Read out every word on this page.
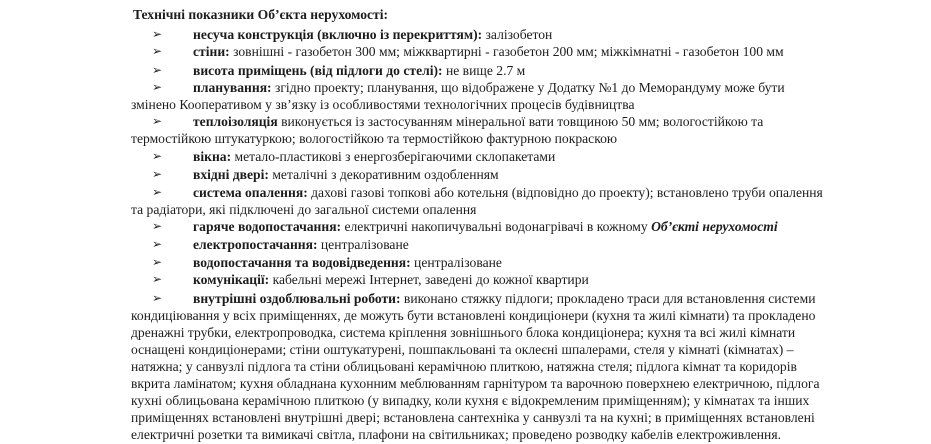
Технічні показники Об’єкта нерухомості:
➢ несуча конструкція (включно із перекриттям): залізобетон
➢ стіни: зовнішні - газобетон 300 мм; міжквартирні - газобетон 200 мм; міжкімнатні - газобетон 100 мм
➢ висота приміщень (від підлоги до стелі): не вище 2.7 м
➢ планування: згідно проекту; планування, що відображене у Додатку №1 до Меморандуму може бути
змінено Кооперативом у зв’язку із особливостями технологічних процесів будівництва
➢ теплоізоляція виконується із застосуванням мінеральної вати товщиною 50 мм; вологостійкою та
термостійкою штукатуркою; вологостійкою та термостійкою фактурною покраскою
➢ вікна: метало-пластикові з енергозберігаючими склопакетами
➢ вхідні двері: металічні з декоративним оздобленням
➢ система опалення: дахові газові топкові або котельня (відповідно до проекту); встановлено труби опалення
та радіатори, які підключені до загальної системи опалення
➢ гаряче водопостачання: електричні накопичувальні водонагрівачі в кожному Об’єкті нерухомості
➢ електропостачання: централізоване
➢ водопостачання та водовідведення: централізоване
➢ комунікації: кабельні мережі Інтернет, заведені до кожної квартири
➢ внутрішні оздоблювальні роботи: виконано стяжку підлоги; прокладено траси для встановлення системи
кондиціювання у всіх приміщеннях, де можуть бути встановлені кондиціонери (кухня та жилі кімнати) та прокладено
дренажні трубки, електропроводка, система кріплення зовнішнього блока кондиціонера; кухня та всі жилі кімнати
оснащені кондиціонерами; стіни оштукатурені, пошпакльовані та оклеєні шпалерами, стеля у кімнаті (кімнатах) –
натяжна; у санвузлі підлога та стіни облицьовані керамічною плиткою, натяжна стеля; підлога кімнат та коридорів
вкрита ламінатом; кухня обладнана кухонним меблюванням гарнітуром та варочною поверхнею електричною, підлога
кухні облицьована керамічною плиткою (у випадку, коли кухня є відокремленим приміщенням); у кімнатах та інших
приміщеннях встановлені внутрішні двері; встановлена сантехніка у санвузлі та на кухні; в приміщеннях встановлені
електричні розетки та вимикачі світла, плафони на світильниках; проведено розводку кабелів електроживлення.
